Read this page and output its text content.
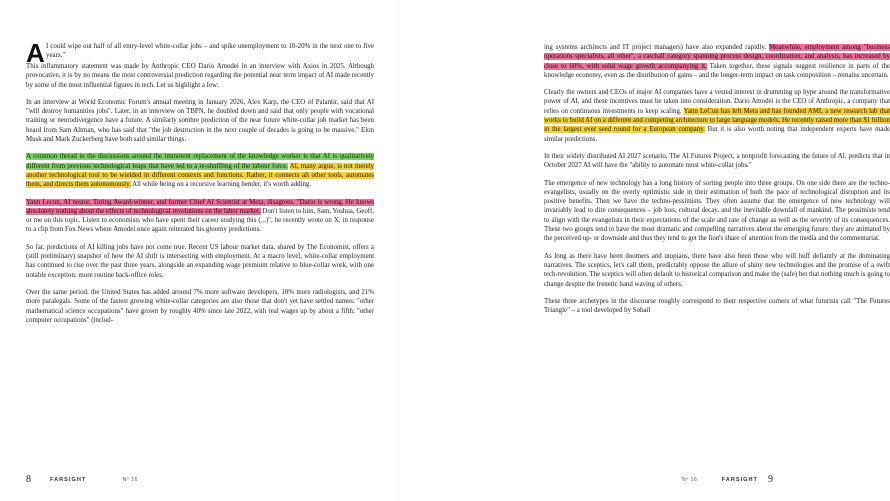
A I could wipe out half of all entry-level white-collar jobs – and spike unemployment to 10-20% in the next one to five years."

This inflammatory statement was made by Anthropic CEO Dario Amodei in an interview with Axios in 2025. Although provocative, it is by no means the most controversial prediction regarding the potential near term impact of AI made recently by some of the most influential figures in tech. Let us highlight a few:

In an interview at World Economic Forum's annual meeting in January 2026, Alex Karp, the CEO of Palantir, said that AI "will destroy humanities jobs". Later, in an interview on TBPN, he doubled down and said that only people with vocational training or neurodivergence have a future. A similarly sombre prediction of the near future white-collar job market has been heard from Sam Altman, who has said that "the job destruction in the next couple of decades is going to be massive." Elon Musk and Mark Zuckerberg have both said similar things.

A common thread in the discussions around the imminent replacement of the knowledge worker is that AI is qualitatively different from previous technological leaps that have led to a re-shuffling of the labour force. AI, many argue, is not merely another technological tool to be wielded in different contexts and functions. Rather, it connects all other tools, automates them, and directs them autonomously. All while being on a recursive learning bender, it's worth adding.

Yann Lecun, AI nestor, Turing Award-winner, and former Chief AI Scientist at Meta, disagrees. "Dario is wrong. He knows absolutely nothing about the effects of technological revolutions on the labor market. Don't listen to him, Sam, Yoshua, Geoff, or me on this topic. Listen to economists who have spent their career studying this (...)", he recently wrote on X, in response to a clip from Fox News where Amodei once again reiterated his gloomy predictions.

So far, predictions of AI killing jobs have not come true. Recent US labour market data, shared by The Economist, offers a (still preliminary) snapshot of how the AI shift is intersecting with employment. At a macro level, white-collar employment has continued to rise over the past three years, alongside an expanding wage premium relative to blue-collar work, with one notable exception: more routine back-office roles.

Over the same period, the United States has added around 7% more software developers, 10% more radiologists, and 21% more paralegals. Some of the fastest growing white-collar categories are also those that don't yet have settled names: "other mathematical science occupations" have grown by roughly 40% since late 2022, with real wages up by about a fifth; "other computer occupations" (includ-

8	FARSIGHT	Nº 16

ing systems architects and IT project managers) have also expanded rapidly. Meanwhile, employment among "business operations specialists, all other", a catchall category spanning process design, coordination, and analysis, has increased by close to 60%, with solid wage growth accompanying it. Taken together, these signals suggest resilience in parts of the knowledge economy, even as the distribution of gains – and the longer-term impact on task composition – remains uncertain.

Clearly the owners and CEOs of major AI companies have a vested interest in drumming up hype around the transformative power of AI, and these incentives must be taken into consideration. Dario Amodei is the CEO of Anthropic, a company that relies on continuous investments to keep scaling. Yann LeCun has left Meta and has founded AMI, a new research lab that works to build AI on a different and competing architecture to large language models. He recently raised more than $1 billion in the largest ever seed round for a European company. But it is also worth noting that independent experts have made similar predictions.

In their widely distributed AI 2027 scenario, The AI Futures Project, a nonprofit forecasting the future of AI, predicts that in October 2027 AI will have the "ability to automate most white-collar jobs."

The emergence of new technology has a long history of sorting people into three groups. On one side there are the techno-evangelists, usually on the overly optimistic side in their estimation of both the pace of technological disruption and its positive benefits. Then we have the techno-pessimists. They often assume that the emergence of new technology will invariably lead to dire consequences – job loss, cultural decay, and the inevitable downfall of mankind. The pessimists tend to align with the evangelists in their expectations of the scale and rate of change as well as the severity of its consequences. These two groups tend to have the most dramatic and compelling narratives about the emerging future; they are animated by the perceived up- or downside and thus they tend to get the lion's share of attention from the media and the commentariat.

As long as there have been doomers and utopians, there have also been those who will huff defiantly at the dominating narratives. The sceptics, let's call them, predictably oppose the allure of shiny new technologies and the promise of a swift tech-revolution. The sceptics will often default to historical comparison and make the (safe) bet that nothing much is going to change despite the frenetic hand waving of others.

These three archetypes in the discourse roughly correspond to their respective corners of what futurists call "The Futures Triangle" – a tool developed by Sohail

Nº 16	FARSIGHT 9
